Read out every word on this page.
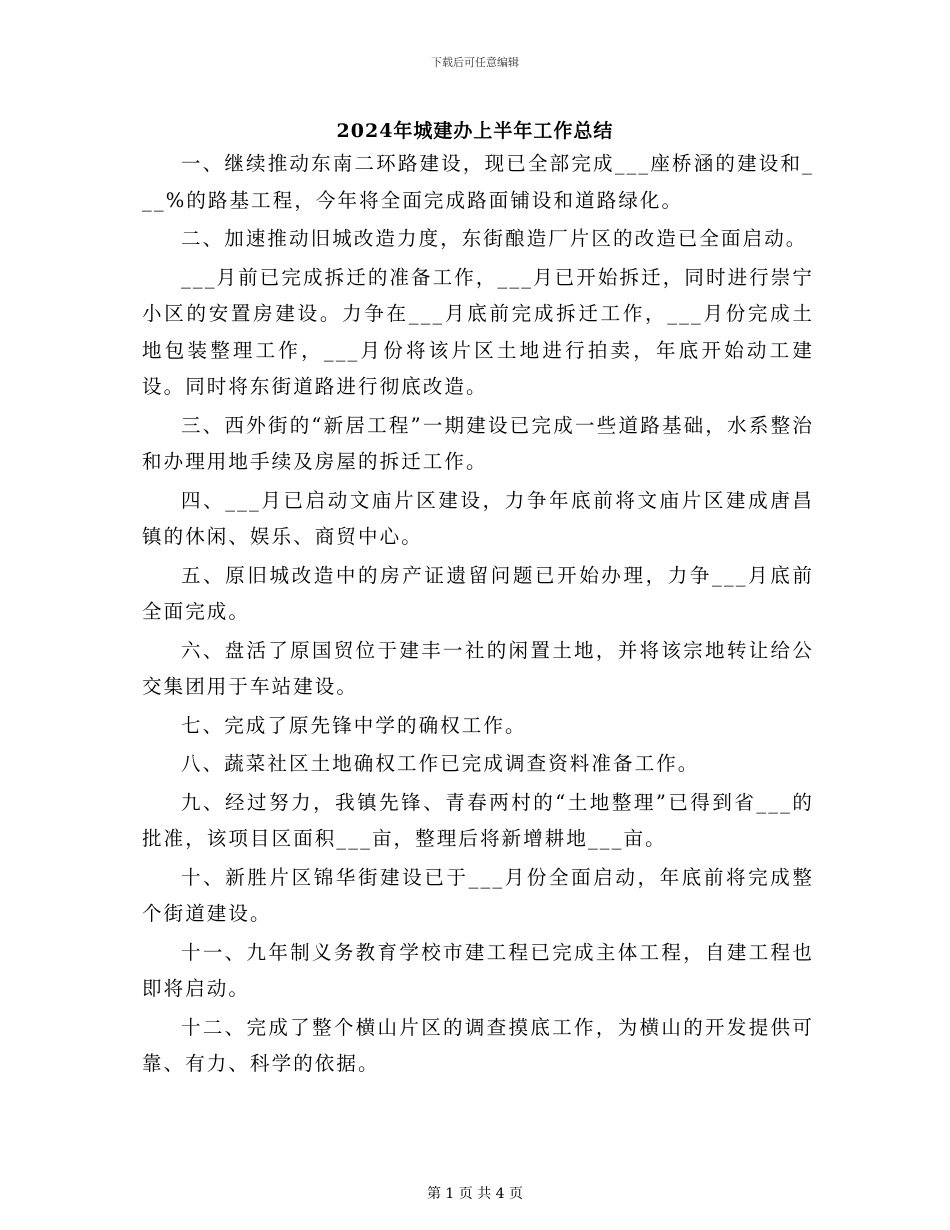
下载后可任意编辑
2024年城建办上半年工作总结

一、继续推动东南二环路建设，现已全部完成___座桥涵的建设和___%的路基工程，今年将全面完成路面铺设和道路绿化。

二、加速推动旧城改造力度，东街酿造厂片区的改造已全面启动。

___月前已完成拆迁的准备工作，___月已开始拆迁，同时进行崇宁小区的安置房建设。力争在___月底前完成拆迁工作，___月份完成土地包装整理工作，___月份将该片区土地进行拍卖，年底开始动工建设。同时将东街道路进行彻底改造。

三、西外街的“新居工程”一期建设已完成一些道路基础，水系整治和办理用地手续及房屋的拆迁工作。

四、___月已启动文庙片区建设，力争年底前将文庙片区建成唐昌镇的休闲、娱乐、商贸中心。

五、原旧城改造中的房产证遗留问题已开始办理，力争___月底前全面完成。

六、盘活了原国贸位于建丰一社的闲置土地，并将该宗地转让给公交集团用于车站建设。

七、完成了原先锋中学的确权工作。

八、蔬菜社区土地确权工作已完成调查资料准备工作。

九、经过努力，我镇先锋、青春两村的“土地整理”已得到省___的批准，该项目区面积___亩，整理后将新增耕地___亩。

十、新胜片区锦华街建设已于___月份全面启动，年底前将完成整个街道建设。

十一、九年制义务教育学校市建工程已完成主体工程，自建工程也即将启动。

十二、完成了整个横山片区的调查摸底工作，为横山的开发提供可靠、有力、科学的依据。

第 1 页 共 4 页
